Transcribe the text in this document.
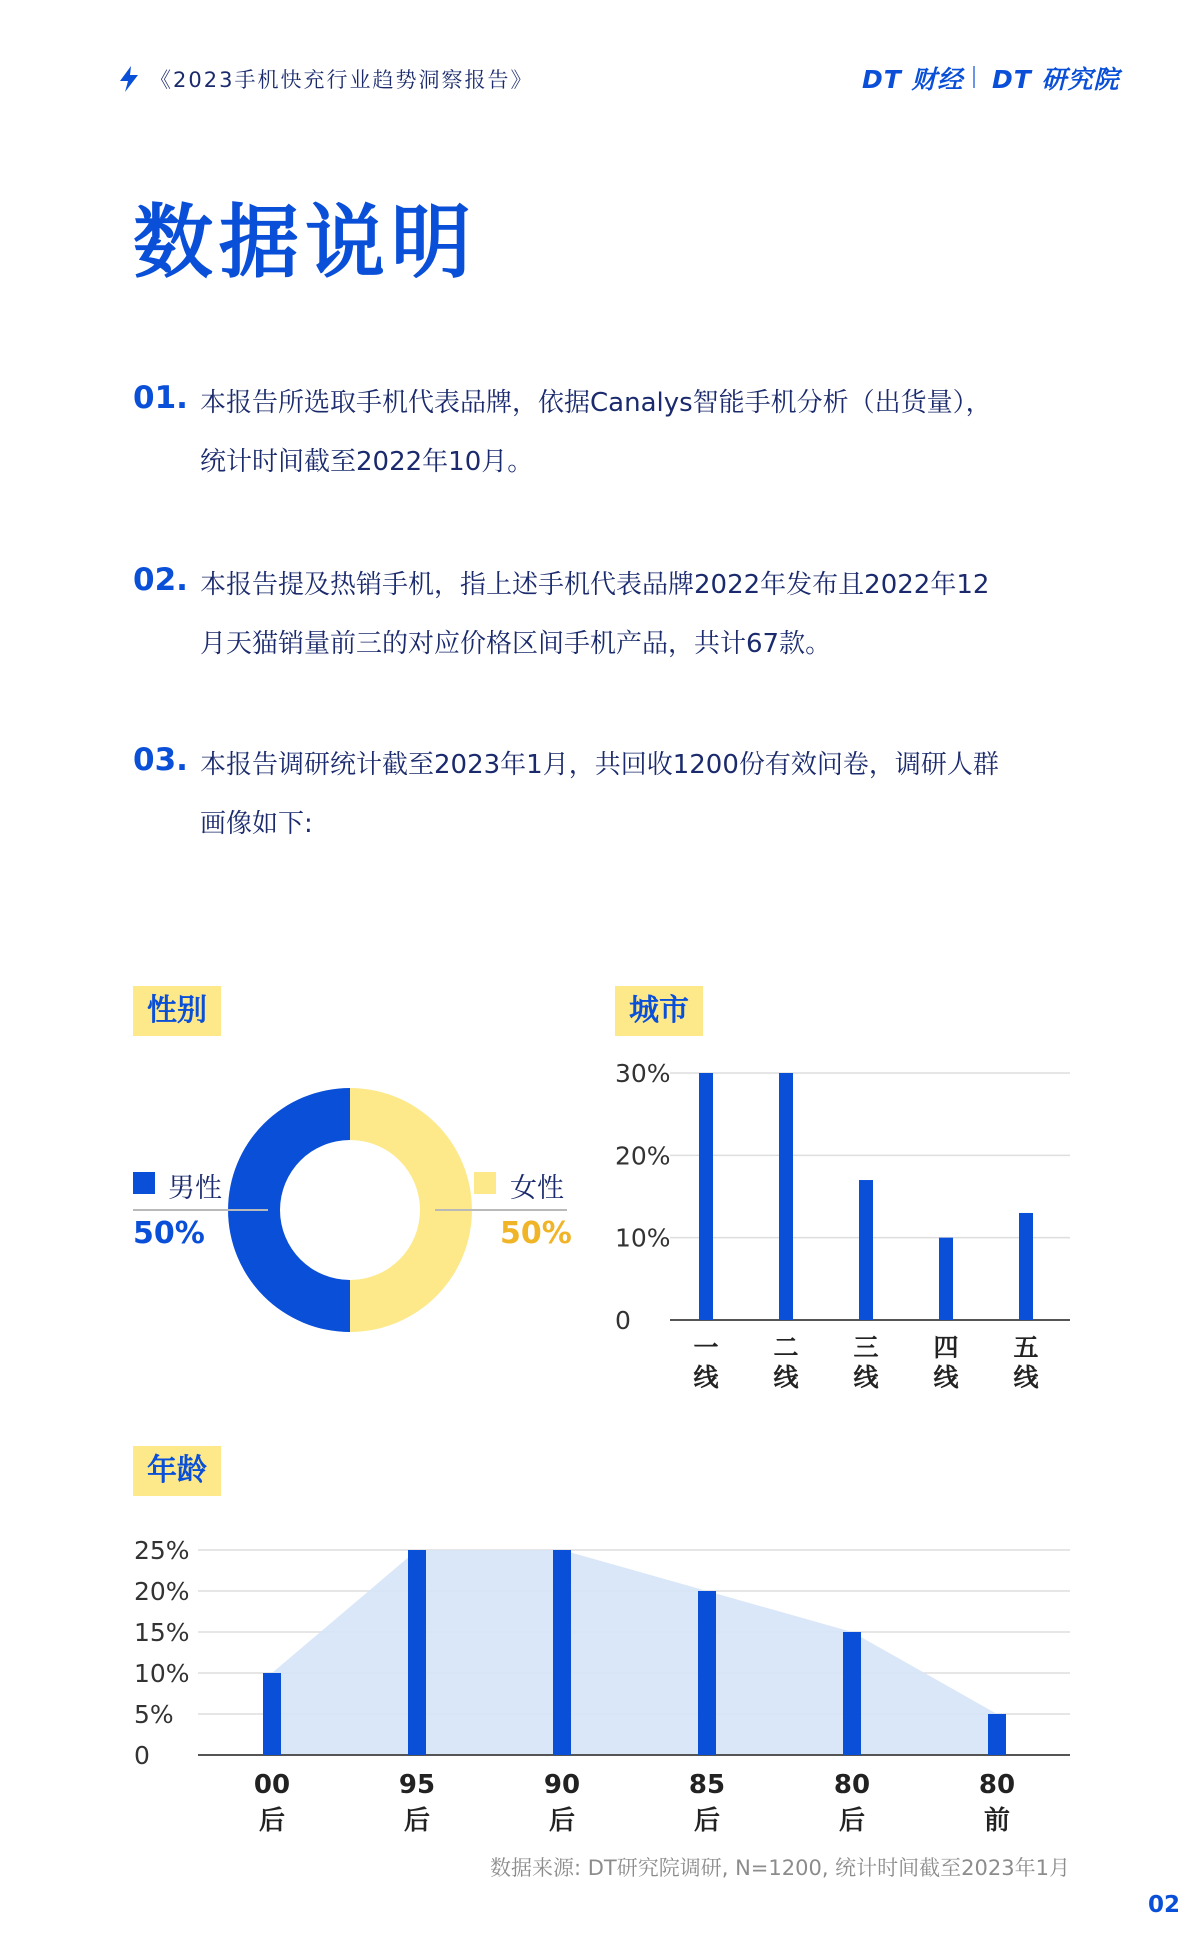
《2023手机快充行业趋势洞察报告》	DT 财经 DT 研究院
数据说明
01. 本报告所选取手机代表品牌，依据Canalys智能手机分析（出货量），
统计时间截至2022年10月。
02. 本报告提及热销手机，指上述手机代表品牌2022年发布且2022年12
月天猫销量前三的对应价格区间手机产品，共计67款。
03. 本报告调研统计截至2023年1月，共回收1200份有效问卷，调研人群
画像如下:
性别
男性
50%
女性
50%
城市
0
10%
20%
30%
一
线
二
线
三
线
四
线
五
线
年龄
0
5%
10%
15%
20%
25%
00
后
95
后
90
后
85
后
80
后
80
前
数据来源: DT研究院调研, N=1200, 统计时间截至2023年1月
02
